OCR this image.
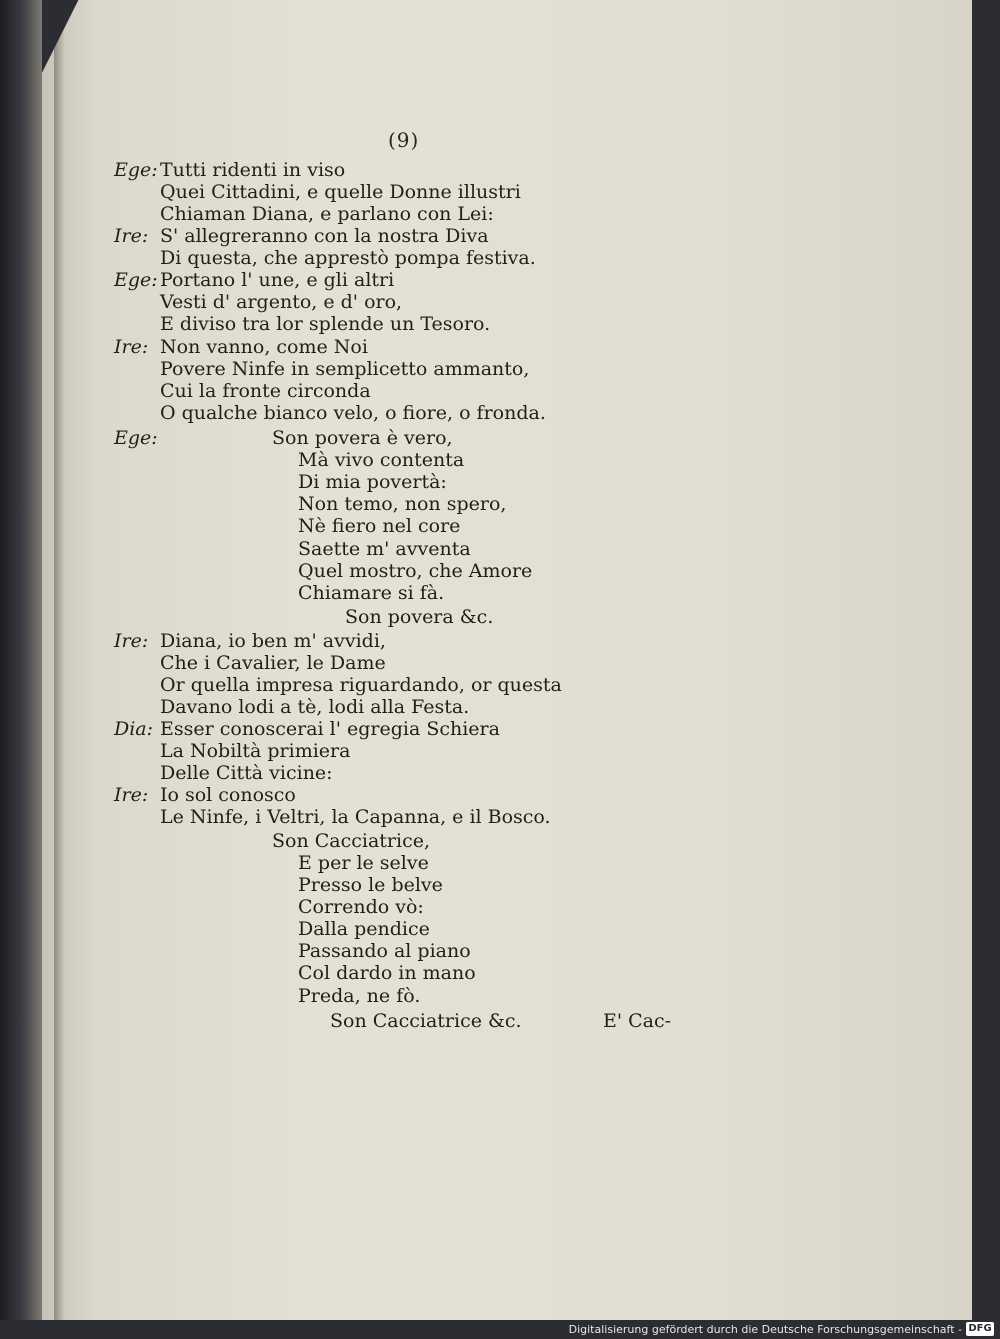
(9)
Ege: Tutti ridenti in viso
Quei Cittadini, e quelle Donne illustri
Chiaman Diana, e parlano con Lei:
Ire: S' allegreranno con la nostra Diva
Di questa, che apprestò pompa festiva.
Ege: Portano l' une, e gli altri
Vesti d' argento, e d' oro,
E diviso tra lor splende un Tesoro.
Ire: Non vanno, come Noi
Povere Ninfe in semplicetto ammanto,
Cui la fronte circonda
O qualche bianco velo, o fiore, o fronda.
Ege:	Son povera è vero,
Mà vivo contenta
Di mia povertà:
Non temo, non spero,
Nè fiero nel core
Saette m' avventa
Quel mostro, che Amore
Chiamare si fà.
Son povera &c.
Ire: Diana, io ben m' avvidi,
Che i Cavalier, le Dame
Or quella impresa riguardando, or questa
Davano lodi a tè, lodi alla Festa.
Dia: Esser conoscerai l' egregia Schiera
La Nobiltà primiera
Delle Città vicine:
Ire: Io sol conosco
Le Ninfe, i Veltri, la Capanna, e il Bosco.
Son Cacciatrice,
E per le selve
Presso le belve
Correndo vò:
Dalla pendice
Passando al piano
Col dardo in mano
Preda, ne fò.
Son Cacciatrice &c.	E' Cac-
Digitalisierung gefördert durch die Deutsche Forschungsgemeinschaft - DFG
